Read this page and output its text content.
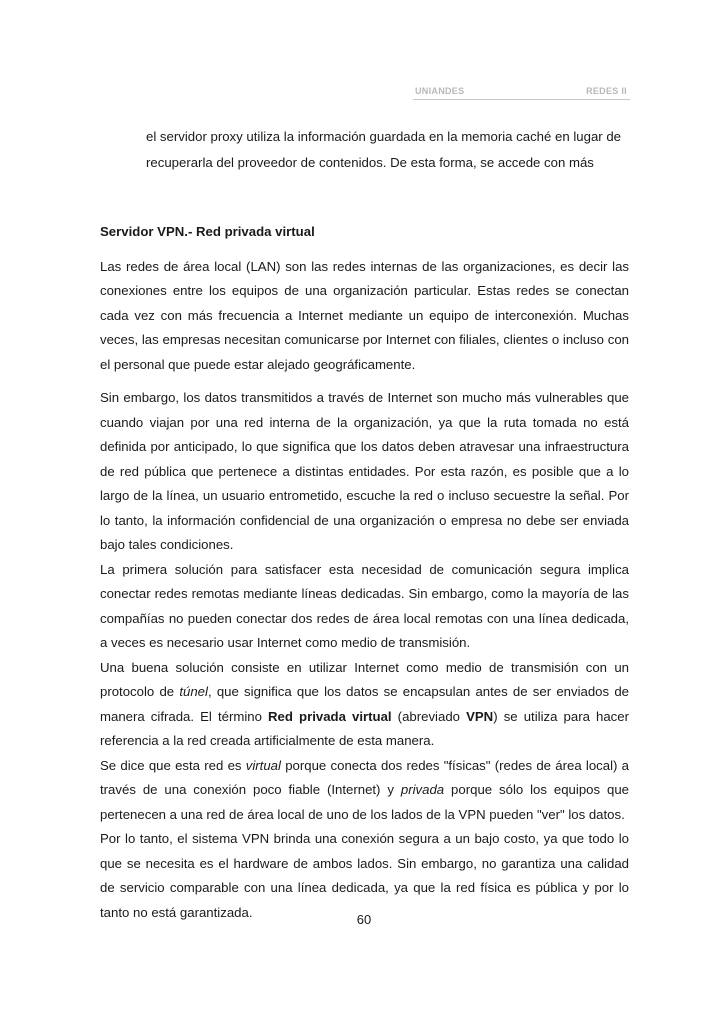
UNIANDES	REDES II

el servidor proxy utiliza la información guardada en la memoria caché en lugar de

recuperarla del proveedor de contenidos. De esta forma, se accede con más

Servidor VPN.- Red privada virtual

Las redes de área local (LAN) son las redes internas de las organizaciones, es decir las conexiones entre los equipos de una organización particular. Estas redes se conectan cada vez con más frecuencia a Internet mediante un equipo de interconexión. Muchas veces, las empresas necesitan comunicarse por Internet con filiales, clientes o incluso con el personal que puede estar alejado geográficamente.

Sin embargo, los datos transmitidos a través de Internet son mucho más vulnerables que cuando viajan por una red interna de la organización, ya que la ruta tomada no está definida por anticipado, lo que significa que los datos deben atravesar una infraestructura de red pública que pertenece a distintas entidades. Por esta razón, es posible que a lo largo de la línea, un usuario entrometido, escuche la red o incluso secuestre la señal. Por lo tanto, la información confidencial de una organización o empresa no debe ser enviada bajo tales condiciones.

La primera solución para satisfacer esta necesidad de comunicación segura implica conectar redes remotas mediante líneas dedicadas. Sin embargo, como la mayoría de las compañías no pueden conectar dos redes de área local remotas con una línea dedicada, a veces es necesario usar Internet como medio de transmisión.

Una buena solución consiste en utilizar Internet como medio de transmisión con un protocolo de túnel, que significa que los datos se encapsulan antes de ser enviados de manera cifrada. El término Red privada virtual (abreviado VPN) se utiliza para hacer referencia a la red creada artificialmente de esta manera.

Se dice que esta red es virtual porque conecta dos redes "físicas" (redes de área local) a través de una conexión poco fiable (Internet) y privada porque sólo los equipos que pertenecen a una red de área local de uno de los lados de la VPN pueden "ver" los datos.

Por lo tanto, el sistema VPN brinda una conexión segura a un bajo costo, ya que todo lo que se necesita es el hardware de ambos lados. Sin embargo, no garantiza una calidad de servicio comparable con una línea dedicada, ya que la red física es pública y por lo tanto no está garantizada.	60
